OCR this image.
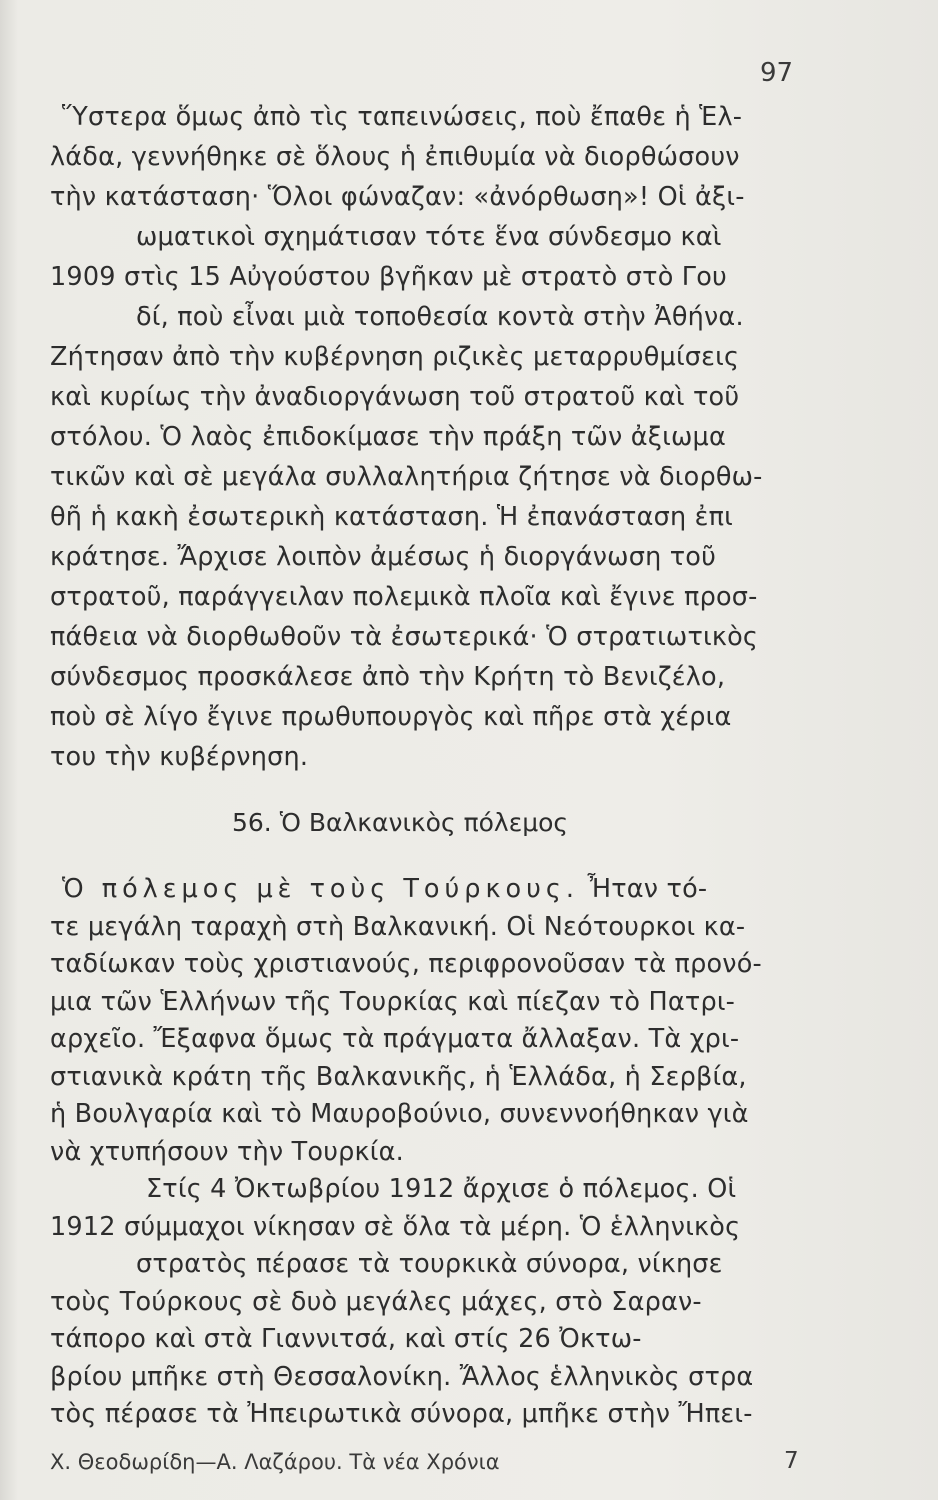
97
Ὕστερα ὅμως ἀπὸ τὶς ταπεινώσεις, ποὺ ἔπαθε ἡ Ἑλ-
λάδα, γεννήθηκε σὲ ὅλους ἡ ἐπιθυμία νὰ διορθώσουν
τὴν κατάσταση· Ὅλοι φώναζαν: «ἀνόρθωση»! Οἱ ἀξι-
ωματικοὶ σχημάτισαν τότε ἕνα σύνδεσμο καὶ
1909 στὶς 15 Αὐγούστου βγῆκαν μὲ στρατὸ στὸ Γου
δί, ποὺ εἶναι μιὰ τοποθεσία κοντὰ στὴν Ἀθήνα.
Ζήτησαν ἀπὸ τὴν κυβέρνηση ριζικὲς μεταρρυθμίσεις
καὶ κυρίως τὴν ἀναδιοργάνωση τοῦ στρατοῦ καὶ τοῦ
στόλου. Ὁ λαὸς ἐπιδοκίμασε τὴν πράξη τῶν ἀξιωμα
τικῶν καὶ σὲ μεγάλα συλλαλητήρια ζήτησε νὰ διορθω-
θῆ ἡ κακὴ ἐσωτερικὴ κατάσταση. Ἡ ἐπανάσταση ἐπι
κράτησε. Ἄρχισε λοιπὸν ἀμέσως ἡ διοργάνωση τοῦ
στρατοῦ, παράγγειλαν πολεμικὰ πλοῖα καὶ ἔγινε προσ-
πάθεια νὰ διορθωθοῦν τὰ ἐσωτερικά· Ὁ στρατιωτικὸς
σύνδεσμος προσκάλεσε ἀπὸ τὴν Κρήτη τὸ Βενιζέλο,
ποὺ σὲ λίγο ἔγινε πρωθυπουργὸς καὶ πῆρε στὰ χέρια
του τὴν κυβέρνηση.
56. Ὁ Βαλκανικὸς πόλεμος
Ὁ πόλεμος μὲ τοὺς Τούρκους. Ἦταν τό-
τε μεγάλη ταραχὴ στὴ Βαλκανική. Οἱ Νεότουρκοι κα-
ταδίωκαν τοὺς χριστιανούς, περιφρονοῦσαν τὰ προνό-
μια τῶν Ἑλλήνων τῆς Τουρκίας καὶ πίεζαν τὸ Πατρι-
αρχεῖο. Ἔξαφνα ὅμως τὰ πράγματα ἄλλαξαν. Τὰ χρι-
στιανικὰ κράτη τῆς Βαλκανικῆς, ἡ Ἑλλάδα, ἡ Σερβία,
ἡ Βουλγαρία καὶ τὸ Μαυροβούνιο, συνεννοήθηκαν γιὰ
νὰ χτυπήσουν τὴν Τουρκία.
Στίς 4 Ὀκτωβρίου 1912 ἄρχισε ὁ πόλεμος. Οἱ
1912 σύμμαχοι νίκησαν σὲ ὅλα τὰ μέρη. Ὁ ἑλληνικὸς
στρατὸς πέρασε τὰ τουρκικὰ σύνορα, νίκησε
τοὺς Τούρκους σὲ δυὸ μεγάλες μάχες, στὸ Σαραν-
τάπορο καὶ στὰ Γιαννιτσά, καὶ στίς 26 Ὀκτω-
βρίου μπῆκε στὴ Θεσσαλονίκη. Ἄλλος ἑλληνικὸς στρα
τὸς πέρασε τὰ Ἠπειρωτικὰ σύνορα, μπῆκε στὴν Ἤπει-
Χ. Θεοδωρίδη—Α. Λαζάρου. Τὰ νέα Χρόνια	7
